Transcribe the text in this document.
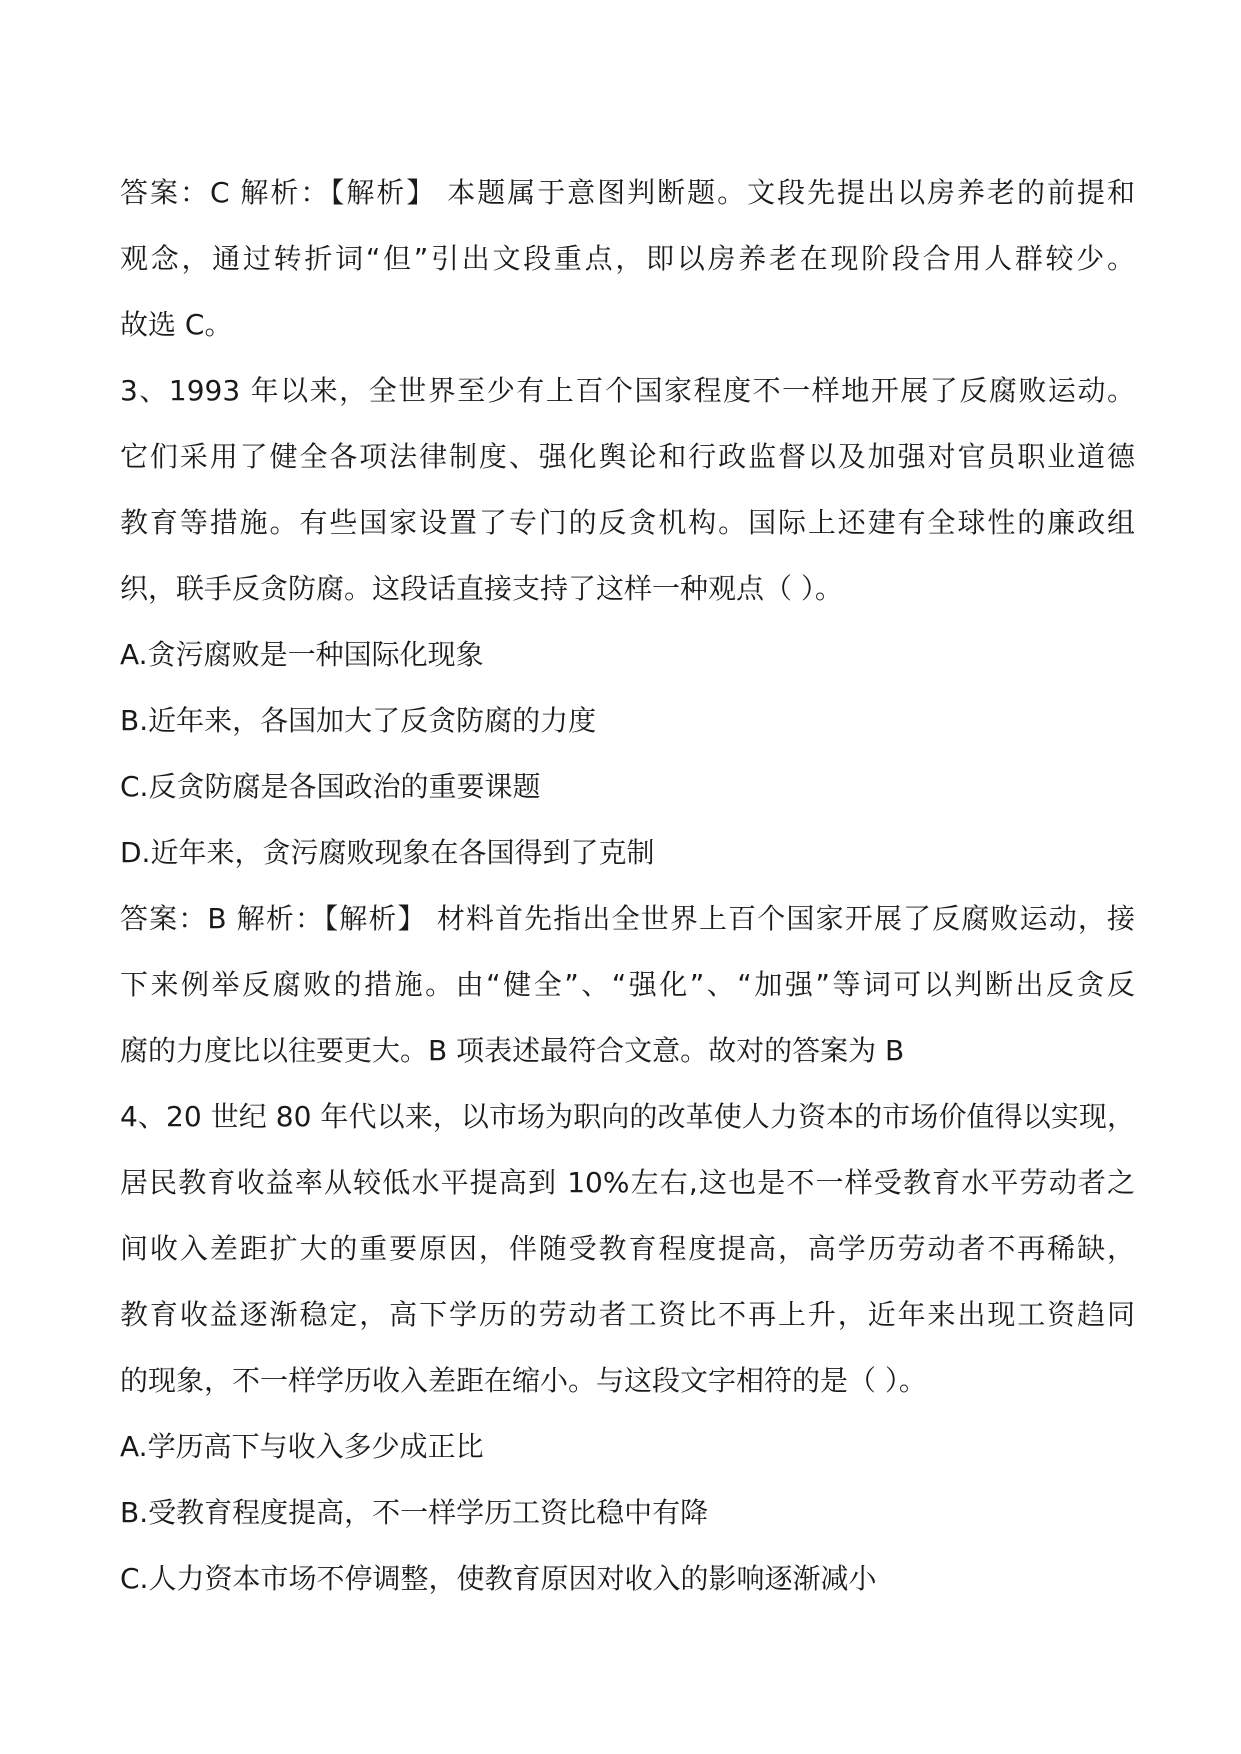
答案：C 解析：【解析】 本题属于意图判断题。文段先提出以房养老的前提和
观念，通过转折词“但”引出文段重点，即以房养老在现阶段合用人群较少。
故选 C。
3、1993 年以来，全世界至少有上百个国家程度不一样地开展了反腐败运动。
它们采用了健全各项法律制度、强化舆论和行政监督以及加强对官员职业道德
教育等措施。有些国家设置了专门的反贪机构。国际上还建有全球性的廉政组
织，联手反贪防腐。这段话直接支持了这样一种观点（ ）。
A.贪污腐败是一种国际化现象
B.近年来，各国加大了反贪防腐的力度
C.反贪防腐是各国政治的重要课题
D.近年来，贪污腐败现象在各国得到了克制
答案：B 解析：【解析】 材料首先指出全世界上百个国家开展了反腐败运动，接
下来例举反腐败的措施。由“健全”、“强化”、“加强”等词可以判断出反贪反
腐的力度比以往要更大。B 项表述最符合文意。故对的答案为 B
4、20 世纪 80 年代以来，以市场为职向的改革使人力资本的市场价值得以实现，
居民教育收益率从较低水平提高到 10%左右,这也是不一样受教育水平劳动者之
间收入差距扩大的重要原因，伴随受教育程度提高，高学历劳动者不再稀缺，
教育收益逐渐稳定，高下学历的劳动者工资比不再上升，近年来出现工资趋同
的现象，不一样学历收入差距在缩小。与这段文字相符的是（ ）。
A.学历高下与收入多少成正比
B.受教育程度提高，不一样学历工资比稳中有降
C.人力资本市场不停调整，使教育原因对收入的影响逐渐减小
